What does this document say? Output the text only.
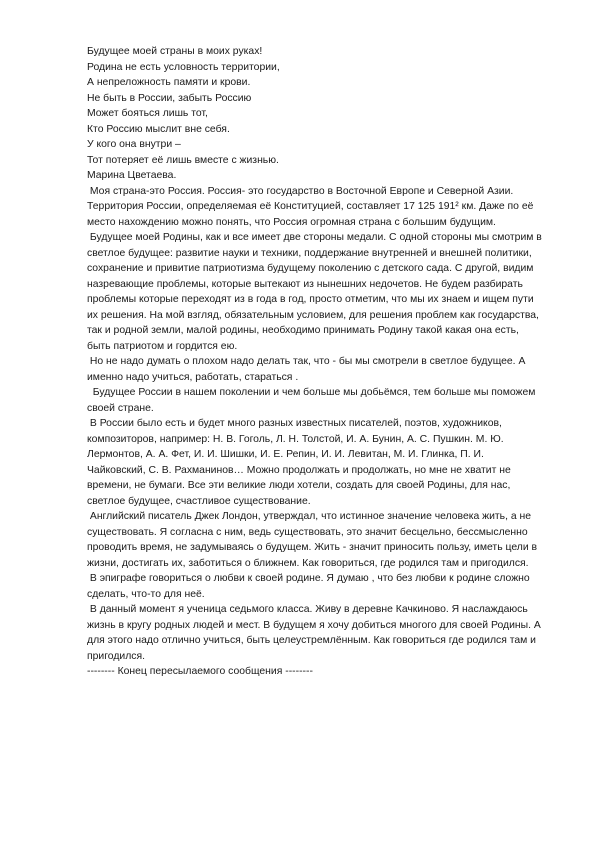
Будущее моей страны в моих руках!
Родина не есть условность территории,
А непреложность памяти и крови.
Не быть в России, забыть Россию
Может бояться лишь тот,
Кто Россию мыслит вне себя.
У кого она внутри –
Тот потеряет её лишь вместе с жизнью.
Марина Цветаева.
Моя страна-это Россия. Россия- это государство в Восточной Европе и Северной Азии.
Территория России, определяемая её Конституцией, составляет 17 125 191² км. Даже по её
место нахождению можно понять, что Россия огромная страна с большим будущим.
Будущее моей Родины, как и все имеет две стороны медали. С одной стороны мы смотрим в
светлое будущее: развитие науки и техники, поддержание внутренней и внешней политики,
сохранение и привитие патриотизма будущему поколению с детского сада. С другой, видим
назревающие проблемы, которые вытекают из нынешних недочетов. Не будем разбирать
проблемы которые переходят из в года в год, просто отметим, что мы их знаем и ищем пути
их решения. На мой взгляд, обязательным условием, для решения проблем как государства,
так и родной земли, малой родины, необходимо принимать Родину такой какая она есть,
быть патриотом и гордится ею.
Но не надо думать о плохом надо делать так, что - бы мы смотрели в светлое будущее. А
именно надо учиться, работать, стараться .
Будущее России в нашем поколении и чем больше мы добьёмся, тем больше мы поможем
своей стране.
В России было есть и будет много разных известных писателей, поэтов, художников,
композиторов, например: Н. В. Гоголь, Л. Н. Толстой, И. А. Бунин, А. С. Пушкин. М. Ю.
Лермонтов, А. А. Фет, И. И. Шишки, И. Е. Репин, И. И. Левитан, М. И. Глинка, П. И.
Чайковский, С. В. Рахманинов… Можно продолжать и продолжать, но мне не хватит не
времени, не бумаги. Все эти великие люди хотели, создать для своей Родины, для нас,
светлое будущее, счастливое существование.
Английский писатель Джек Лондон, утверждал, что истинное значение человека жить, а не
существовать. Я согласна с ним, ведь существовать, это значит бесцельно, бессмысленно
проводить время, не задумываясь о будущем. Жить - значит приносить пользу, иметь цели в
жизни, достигать их, заботиться о ближнем. Как говориться, где родился там и пригодился.
В эпиграфе говориться о любви к своей родине. Я думаю , что без любви к родине сложно
сделать, что-то для неё.
В данный момент я ученица седьмого класса. Живу в деревне Качкиново. Я наслаждаюсь
жизнь в кругу родных людей и мест. В будущем я хочу добиться многого для своей Родины. А
для этого надо отлично учиться, быть целеустремлённым. Как говориться где родился там и
пригодился.
-------- Конец пересылаемого сообщения --------
